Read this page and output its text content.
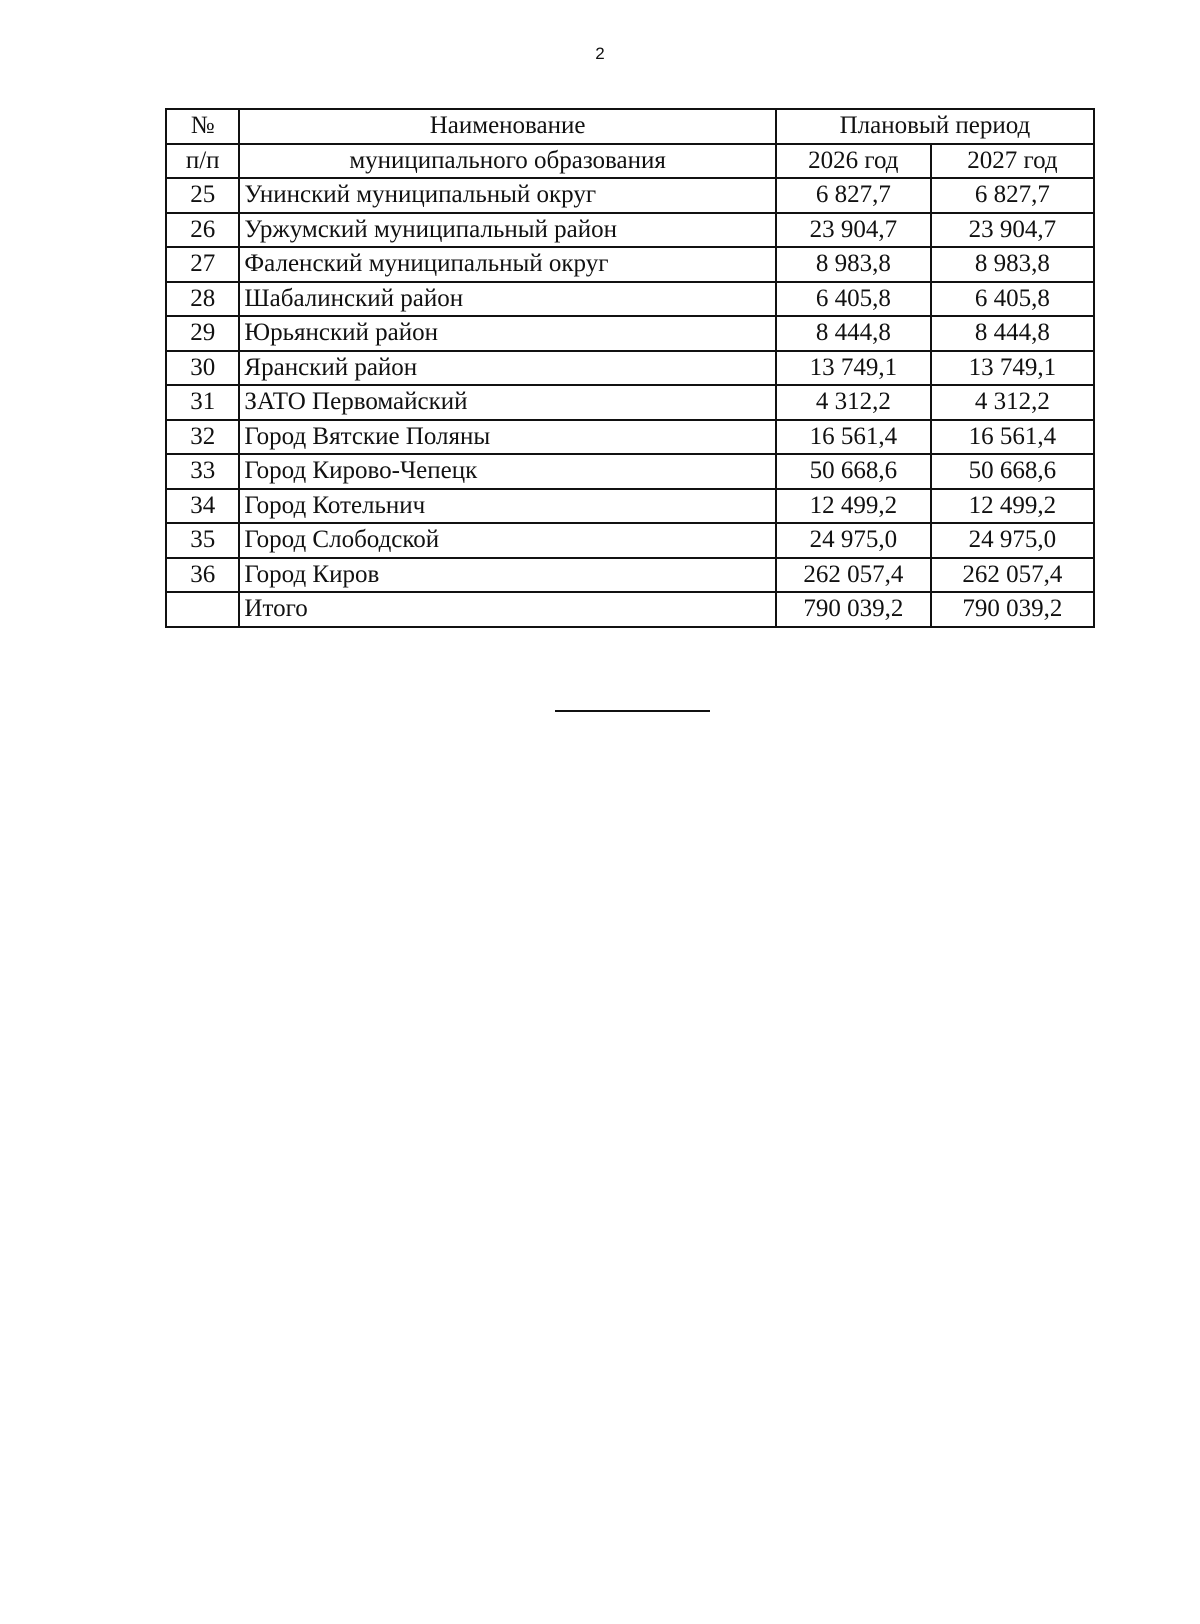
2
№	Наименование	Плановый период	
п/п	муниципального образования	2026 год	2027 год
25	Унинский муниципальный округ	6 827,7	6 827,7
26	Уржумский муниципальный район	23 904,7	23 904,7
27	Фаленский муниципальный округ	8 983,8	8 983,8
28	Шабалинский район	6 405,8	6 405,8
29	Юрьянский район	8 444,8	8 444,8
30	Яранский район	13 749,1	13 749,1
31	ЗАТО Первомайский	4 312,2	4 312,2
32	Город Вятские Поляны	16 561,4	16 561,4
33	Город Кирово-Чепецк	50 668,6	50 668,6
34	Город Котельнич	12 499,2	12 499,2
35	Город Слободской	24 975,0	24 975,0
36	Город Киров	262 057,4	262 057,4
	Итого	790 039,2	790 039,2
